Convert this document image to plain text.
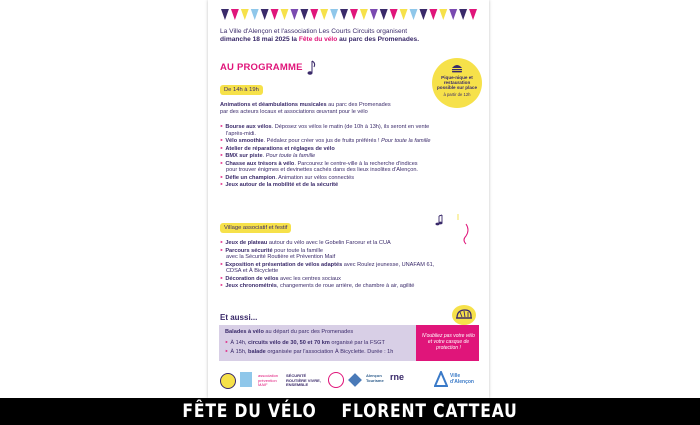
La Ville d'Alençon et l'association Les Courts Circuits organisent
dimanche 18 mai 2025 la Fête du vélo au parc des Promenades.
AU PROGRAMME
Pique-nique et restauration possible sur place
à partir de 12h
De 14h à 19h
Animations et déambulations musicales au parc des Promenades
par des acteurs locaux et associations œuvrant pour le vélo
‣ Bourse aux vélos. Déposez vos vélos le matin (de 10h à 13h), ils seront en vente
l'après-midi.
‣ Vélo smoothie. Pédalez pour créer vos jus de fruits préférés ! Pour toute la famille
‣ Atelier de réparations et réglages de vélo
‣ BMX sur piste. Pour toute la famille
‣ Chasse aux trésors à vélo. Parcourez le centre-ville à la recherche d'indices
pour trouver énigmes et devinettes cachés dans des lieux insolites d'Alençon.
‣ Défie un champion. Animation sur vélos connectés
‣ Jeux autour de la mobilité et de la sécurité
Village associatif et festif
‣ Jeux de plateau autour du vélo avec le Gobelin Farceur et la CUA
‣ Parcours sécurité pour toute la famille
avec la Sécurité Routière et Prévention Maif
‣ Exposition et présentation de vélos adaptés avec Roulez jeunesse, UNAFAM 61,
CDSA et À Bicyclette
‣ Décoration de vélos avec les centres sociaux
‣ Jeux chronométrés, changements de roue arrière, de chambre à air, agilité
Et aussi...
Balades à vélo au départ du parc des Promenades
‣ À 14h, circuits vélo de 30, 50 et 70 km organisé par la FSGT
‣ À 15h, balade organisée par l'association À Bicyclette. Durée : 1h
N'oubliez pas votre vélo et votre casque de protection !
association prévention MAIF
SÉCURITÉ ROUTIÈRE VIVRE, ENSEMBLE
Alençon Tourisme rne	Ville d'Alençon
FÊTE DU VÉLO    FLORENT CATTEAU
